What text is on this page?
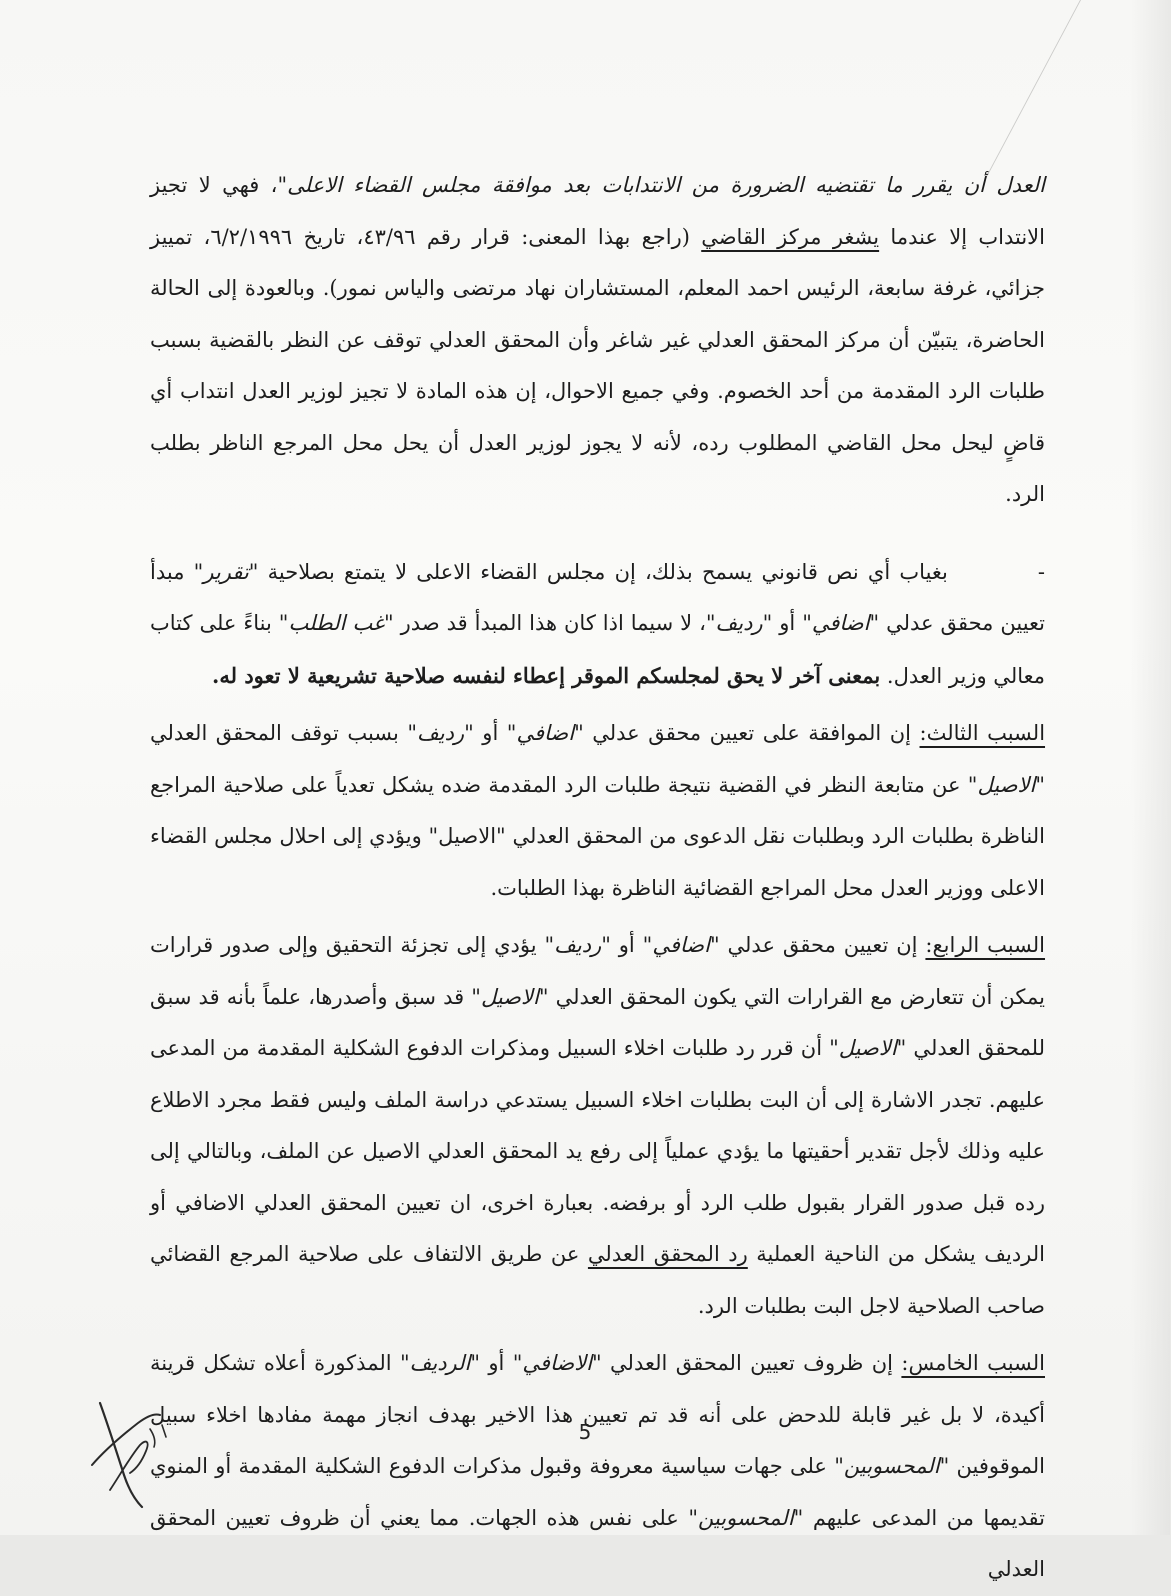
العدل أن يقرر ما تقتضيه الضرورة من الانتدابات بعد موافقة مجلس القضاء الاعلى"، فهي لا تجيز الانتداب إلا عندما يشغر مركز القاضي (راجع بهذا المعنى: قرار رقم ٤٣/٩٦، تاريخ ٦/٢/١٩٩٦، تمييز جزائي، غرفة سابعة، الرئيس احمد المعلم، المستشاران نهاد مرتضى والياس نمور). وبالعودة إلى الحالة الحاضرة، يتبيّن أن مركز المحقق العدلي غير شاغر وأن المحقق العدلي توقف عن النظر بالقضية بسبب طلبات الرد المقدمة من أحد الخصوم. وفي جميع الاحوال، إن هذه المادة لا تجيز لوزير العدل انتداب أي قاضٍ ليحل محل القاضي المطلوب رده، لأنه لا يجوز لوزير العدل أن يحل محل المرجع الناظر بطلب الرد.

-بغياب أي نص قانوني يسمح بذلك، إن مجلس القضاء الاعلى لا يتمتع بصلاحية "تقرير" مبدأ تعيين محقق عدلي "اضافي" أو "رديف"، لا سيما اذا كان هذا المبدأ قد صدر "غب الطلب" بناءً على كتاب معالي وزير العدل. بمعنى آخر لا يحق لمجلسكم الموقر إعطاء لنفسه صلاحية تشريعية لا تعود له.

السبب الثالث: إن الموافقة على تعيين محقق عدلي "اضافي" أو "رديف" بسبب توقف المحقق العدلي "الاصيل" عن متابعة النظر في القضية نتيجة طلبات الرد المقدمة ضده يشكل تعدياً على صلاحية المراجع الناظرة بطلبات الرد وبطلبات نقل الدعوى من المحقق العدلي "الاصيل" ويؤدي إلى احلال مجلس القضاء الاعلى ووزير العدل محل المراجع القضائية الناظرة بهذا الطلبات.

السبب الرابع: إن تعيين محقق عدلي "اضافي" أو "رديف" يؤدي إلى تجزئة التحقيق وإلى صدور قرارات يمكن أن تتعارض مع القرارات التي يكون المحقق العدلي "الاصيل" قد سبق وأصدرها، علماً بأنه قد سبق للمحقق العدلي "الاصيل" أن قرر رد طلبات اخلاء السبيل ومذكرات الدفوع الشكلية المقدمة من المدعى عليهم. تجدر الاشارة إلى أن البت بطلبات اخلاء السبيل يستدعي دراسة الملف وليس فقط مجرد الاطلاع عليه وذلك لأجل تقدير أحقيتها ما يؤدي عملياً إلى رفع يد المحقق العدلي الاصيل عن الملف، وبالتالي إلى رده قبل صدور القرار بقبول طلب الرد أو برفضه. بعبارة اخرى، ان تعيين المحقق العدلي الاضافي أو الرديف يشكل من الناحية العملية رد المحقق العدلي عن طريق الالتفاف على صلاحية المرجع القضائي صاحب الصلاحية لاجل البت بطلبات الرد.

السبب الخامس: إن ظروف تعيين المحقق العدلي "الاضافي" أو "الرديف" المذكورة أعلاه تشكل قرينة أكيدة، لا بل غير قابلة للدحض على أنه قد تم تعيين هذا الاخير بهدف انجاز مهمة مفادها اخلاء سبيل الموقوفين "المحسوبين" على جهات سياسية معروفة وقبول مذكرات الدفوع الشكلية المقدمة أو المنوي تقديمها من المدعى عليهم "المحسوبين" على نفس هذه الجهات. مما يعني أن ظروف تعيين المحقق العدلي

5
